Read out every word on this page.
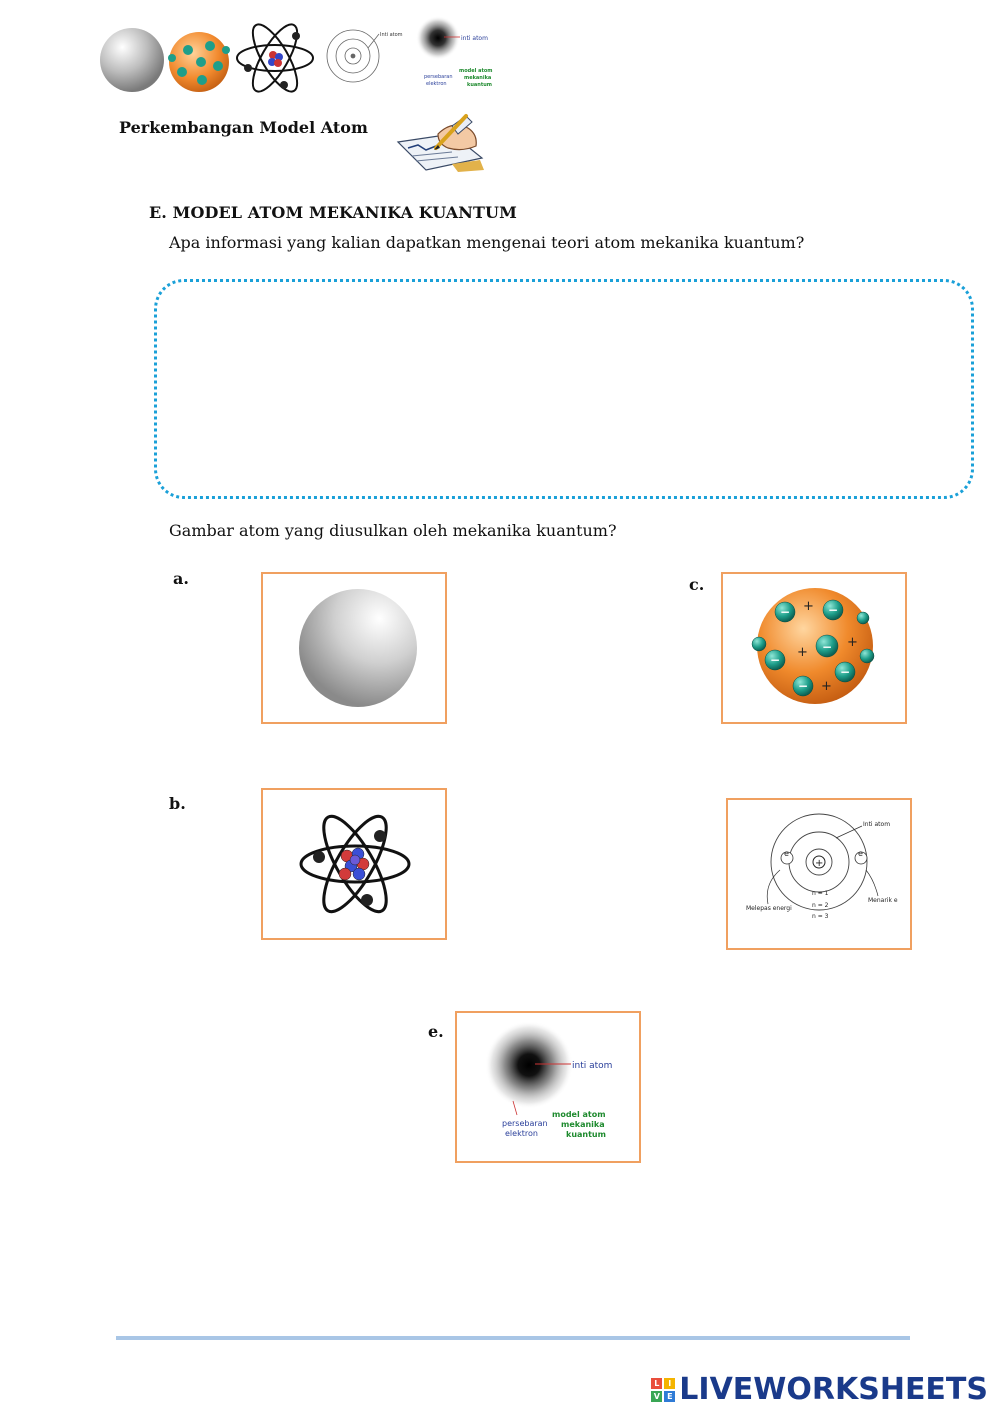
Inti atom	inti atom
persebaran
elektron
model atom
mekanika
kuantum
Perkembangan Model Atom
E. MODEL ATOM MEKANIKA KUANTUM
Apa informasi yang kalian dapatkan mengenai teori atom mekanika kuantum?
Gambar atom yang diusulkan oleh mekanika kuantum?
a.	c.
−	−
−
−
−
−
+
+
+
+
b.
+
e	e
Inti atom
Melepas energi
Menarik e
n = 1
n = 2
n = 3
e.
inti atom
persebaran
elektron
model atom
mekanika
kuantum
L	I
V E LIVEWORKSHEETS
